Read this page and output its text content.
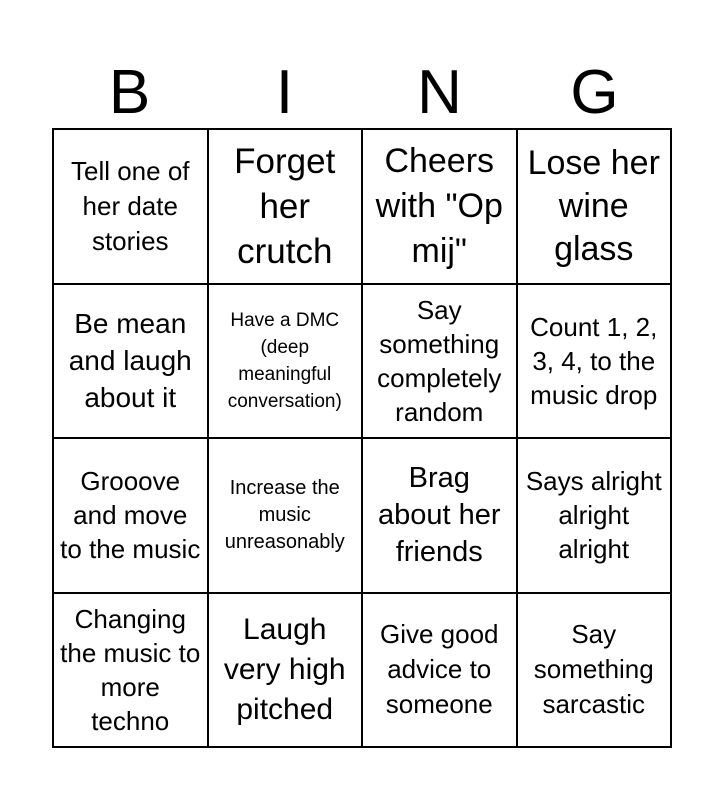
B	I	N	G
Tell one of her date stories
Forget her crutch
Cheers with "Op mij"
Lose her wine glass
Be mean and laugh about it
Have a DMC (deep meaningful conversation)
Say something completely random
Count 1, 2, 3, 4, to the music drop
Grooove and move to the music
Increase the music unreasonably
Brag about her friends
Says alright alright alright
Changing the music to more techno
Laugh very high pitched
Give good advice to someone
Say something sarcastic
